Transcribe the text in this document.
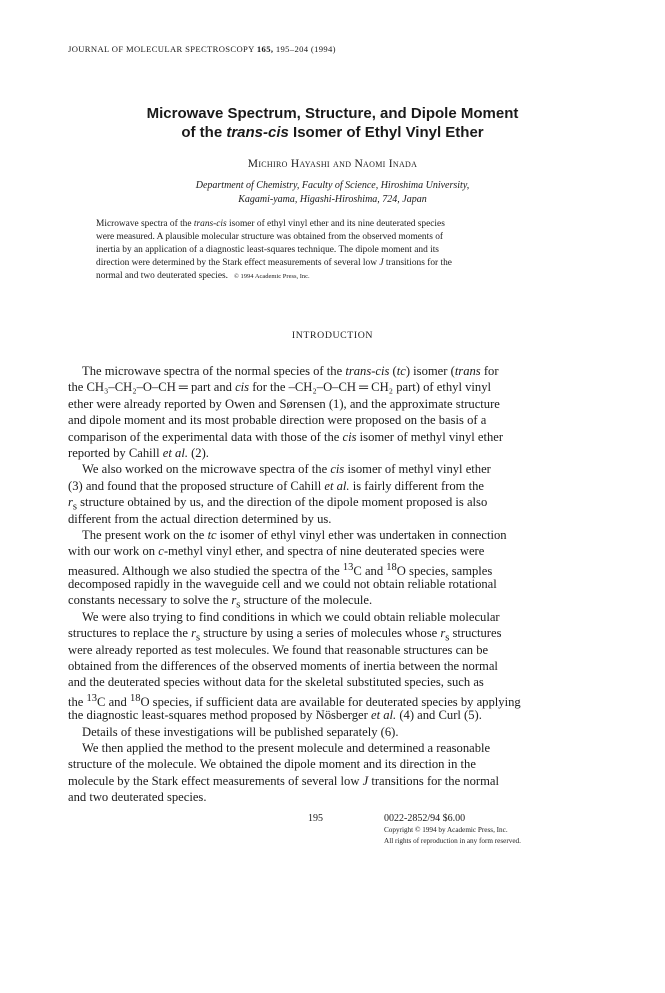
JOURNAL OF MOLECULAR SPECTROSCOPY 165, 195–204 (1994)
Microwave Spectrum, Structure, and Dipole Moment
of the trans-cis Isomer of Ethyl Vinyl Ether
Michiro Hayashi and Naomi Inada
Department of Chemistry, Faculty of Science, Hiroshima University,
Kagami-yama, Higashi-Hiroshima, 724, Japan
Microwave spectra of the trans-cis isomer of ethyl vinyl ether and its nine deuterated species
were measured. A plausible molecular structure was obtained from the observed moments of
inertia by an application of a diagnostic least-squares technique. The dipole moment and its
direction were determined by the Stark effect measurements of several low J transitions for the
normal and two deuterated species. © 1994 Academic Press, Inc.
INTRODUCTION
The microwave spectra of the normal species of the trans-cis (tc) isomer (trans for
the CH₃–CH₂–O–CH ═ part and cis for the –CH₂–O–CH ═ CH₂ part) of ethyl vinyl
ether were already reported by Owen and Sørensen (1), and the approximate structure
and dipole moment and its most probable direction were proposed on the basis of a
comparison of the experimental data with those of the cis isomer of methyl vinyl ether
reported by Cahill et al. (2).
We also worked on the microwave spectra of the cis isomer of methyl vinyl ether
(3) and found that the proposed structure of Cahill et al. is fairly different from the
$r_s$ structure obtained by us, and the direction of the dipole moment proposed is also
different from the actual direction determined by us.
The present work on the tc isomer of ethyl vinyl ether was undertaken in connection
with our work on c-methyl vinyl ether, and spectra of nine deuterated species were
measured. Although we also studied the spectra of the $^{13}$C and $^{18}$O species, samples
decomposed rapidly in the waveguide cell and we could not obtain reliable rotational
constants necessary to solve the $r_s$ structure of the molecule.
We were also trying to find conditions in which we could obtain reliable molecular
structures to replace the $r_s$ structure by using a series of molecules whose $r_s$ structures
were already reported as test molecules. We found that reasonable structures can be
obtained from the differences of the observed moments of inertia between the normal
and the deuterated species without data for the skeletal substituted species, such as
the $^{13}$C and $^{18}$O species, if sufficient data are available for deuterated species by applying
the diagnostic least-squares method proposed by Nösberger et al. (4) and Curl (5).
Details of these investigations will be published separately (6).
We then applied the method to the present molecule and determined a reasonable
structure of the molecule. We obtained the dipole moment and its direction in the
molecule by the Stark effect measurements of several low J transitions for the normal
and two deuterated species.
195	0022-2852/94 $6.00
Copyright © 1994 by Academic Press, Inc.
All rights of reproduction in any form reserved.
